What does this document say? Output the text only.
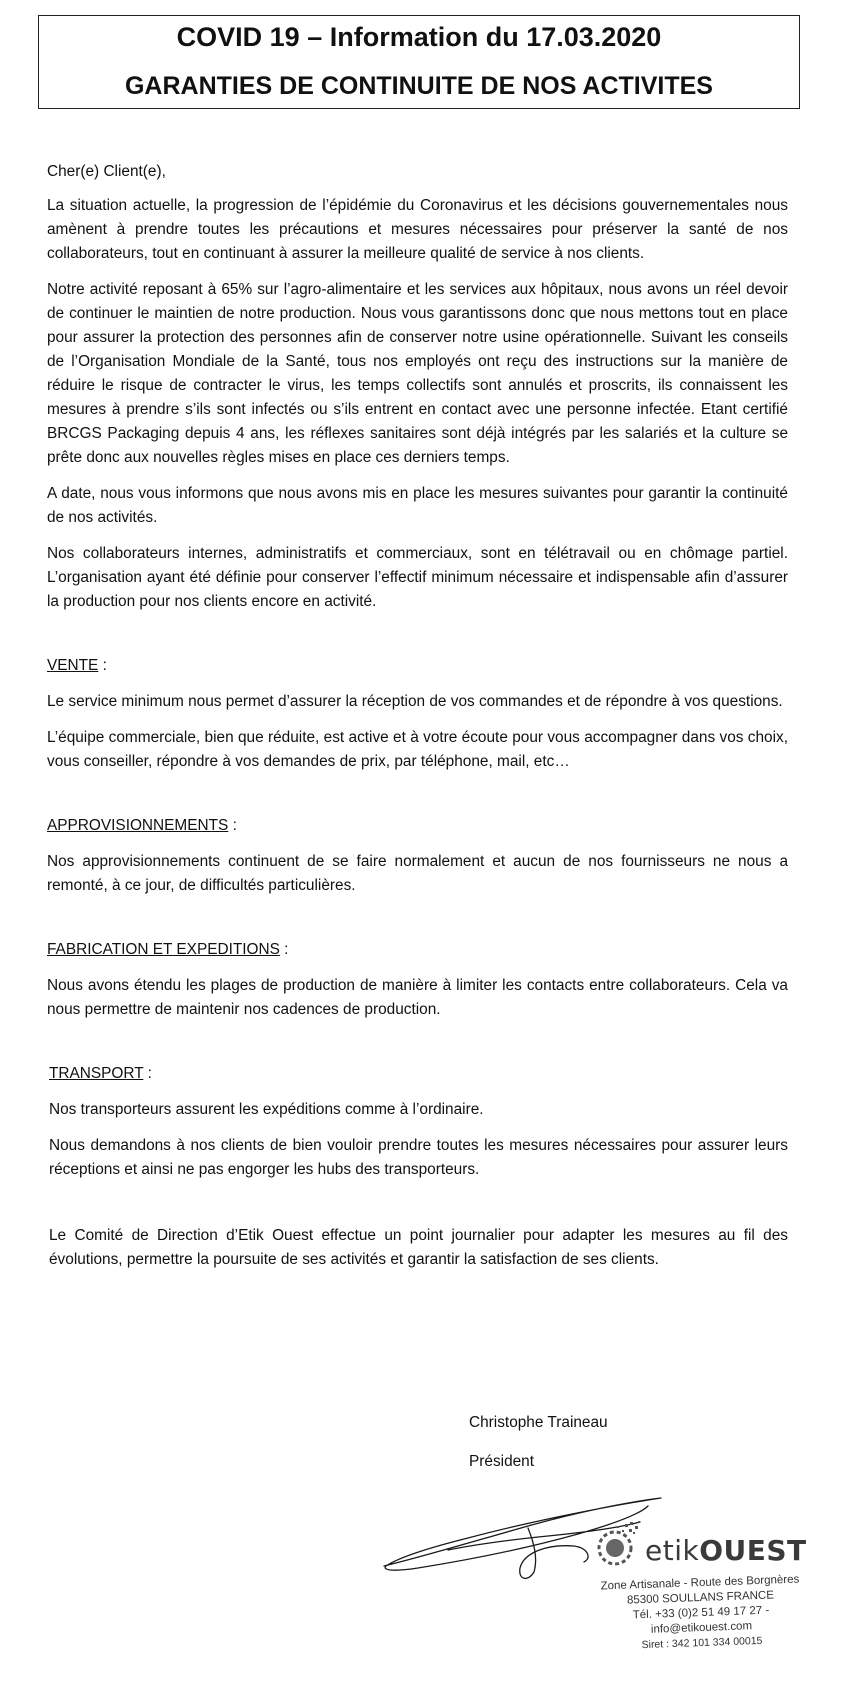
COVID 19 – Information du 17.03.2020
GARANTIES DE CONTINUITE DE NOS ACTIVITES

Cher(e) Client(e),

La situation actuelle, la progression de l’épidémie du Coronavirus et les décisions gouvernementales nous amènent à prendre toutes les précautions et mesures nécessaires pour préserver la santé de nos collaborateurs, tout en continuant à assurer la meilleure qualité de service à nos clients.

Notre activité reposant à 65% sur l’agro-alimentaire et les services aux hôpitaux, nous avons un réel devoir de continuer le maintien de notre production. Nous vous garantissons donc que nous mettons tout en place pour assurer la protection des personnes afin de conserver notre usine opérationnelle. Suivant les conseils de l’Organisation Mondiale de la Santé, tous nos employés ont reçu des instructions sur la manière de réduire le risque de contracter le virus, les temps collectifs sont annulés et proscrits, ils connaissent les mesures à prendre s’ils sont infectés ou s’ils entrent en contact avec une personne infectée. Etant certifié BRCGS Packaging depuis 4 ans, les réflexes sanitaires sont déjà intégrés par les salariés et la culture se prête donc aux nouvelles règles mises en place ces derniers temps.

A date, nous vous informons que nous avons mis en place les mesures suivantes pour garantir la continuité de nos activités.

Nos collaborateurs internes, administratifs et commerciaux, sont en télétravail ou en chômage partiel. L’organisation ayant été définie pour conserver l’effectif minimum nécessaire et indispensable afin d’assurer la production pour nos clients encore en activité.

VENTE :

Le service minimum nous permet d’assurer la réception de vos commandes et de répondre à vos questions.

L’équipe commerciale, bien que réduite, est active et à votre écoute pour vous accompagner dans vos choix, vous conseiller, répondre à vos demandes de prix, par téléphone, mail, etc…

APPROVISIONNEMENTS :

Nos approvisionnements continuent de se faire normalement et aucun de nos fournisseurs ne nous a remonté, à ce jour, de difficultés particulières.

FABRICATION ET EXPEDITIONS :

Nous avons étendu les plages de production de manière à limiter les contacts entre collaborateurs. Cela va nous permettre de maintenir nos cadences de production.

TRANSPORT :

Nos transporteurs assurent les expéditions comme à l’ordinaire.

Nous demandons à nos clients de bien vouloir prendre toutes les mesures nécessaires pour assurer leurs réceptions et ainsi ne pas engorger les hubs des transporteurs.

Le Comité de Direction d’Etik Ouest effectue un point journalier pour adapter les mesures au fil des évolutions, permettre la poursuite de ses activités et garantir la satisfaction de ses clients.

Christophe Traineau
Président
etikOUEST
Zone Artisanale - Route des Borgnères
85300 SOULLANS FRANCE
Tél. +33 (0)2 51 49 17 27 - info@etikouest.com
Siret : 342 101 334 00015
